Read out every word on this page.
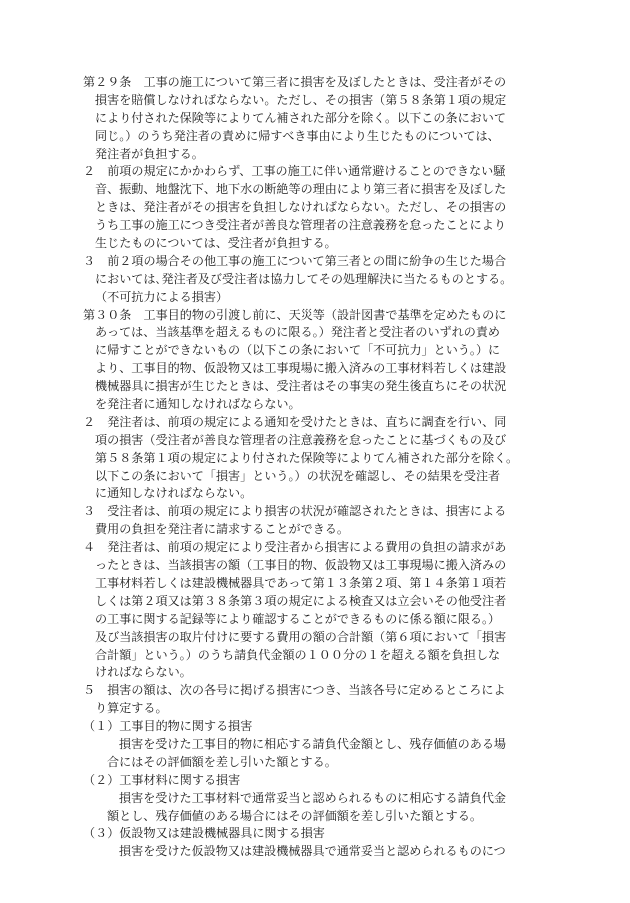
第２９条　工事の施工について第三者に損害を及ぼしたときは、受注者がその
損害を賠償しなければならない。ただし、その損害（第５８条第１項の規定
により付された保険等によりてん補された部分を除く。以下この条において
同じ。）のうち発注者の責めに帰すべき事由により生じたものについては、
発注者が負担する。
２　前項の規定にかかわらず、工事の施工に伴い通常避けることのできない騒
音、振動、地盤沈下、地下水の断絶等の理由により第三者に損害を及ぼした
ときは、発注者がその損害を負担しなければならない。ただし、その損害の
うち工事の施工につき受注者が善良な管理者の注意義務を怠ったことにより
生じたものについては、受注者が負担する。
３　前２項の場合その他工事の施工について第三者との間に紛争の生じた場合
においては､発注者及び受注者は協力してその処理解決に当たるものとする。
（不可抗力による損害）
第３０条　工事目的物の引渡し前に、天災等（設計図書で基準を定めたものに
あっては、当該基準を超えるものに限る。）発注者と受注者のいずれの責め
に帰すことができないもの（以下この条において「不可抗力」という。）に
より、工事目的物、仮設物又は工事現場に搬入済みの工事材料若しくは建設
機械器具に損害が生じたときは、受注者はその事実の発生後直ちにその状況
を発注者に通知しなければならない。
２　発注者は、前項の規定による通知を受けたときは、直ちに調査を行い、同
項の損害（受注者が善良な管理者の注意義務を怠ったことに基づくもの及び
第５８条第１項の規定により付された保険等によりてん補された部分を除く。
以下この条において「損害」という。）の状況を確認し、その結果を受注者
に通知しなければならない。
３　受注者は、前項の規定により損害の状況が確認されたときは、損害による
費用の負担を発注者に請求することができる。
４　発注者は、前項の規定により受注者から損害による費用の負担の請求があ
ったときは、当該損害の額（工事目的物、仮設物又は工事現場に搬入済みの
工事材料若しくは建設機械器具であって第１３条第２項、第１４条第１項若
しくは第２項又は第３８条第３項の規定による検査又は立会いその他受注者
の工事に関する記録等により確認することができるものに係る額に限る。）
及び当該損害の取片付けに要する費用の額の合計額（第６項において「損害
合計額」という。）のうち請負代金額の１００分の１を超える額を負担しな
ければならない。
５　損害の額は、次の各号に掲げる損害につき、当該各号に定めるところによ
り算定する。
（１）工事目的物に関する損害
損害を受けた工事目的物に相応する請負代金額とし、残存価値のある場
合にはその評価額を差し引いた額とする。
（２）工事材料に関する損害
損害を受けた工事材料で通常妥当と認められるものに相応する請負代金
額とし、残存価値のある場合にはその評価額を差し引いた額とする。
（３）仮設物又は建設機械器具に関する損害
損害を受けた仮設物又は建設機械器具で通常妥当と認められるものにつ
